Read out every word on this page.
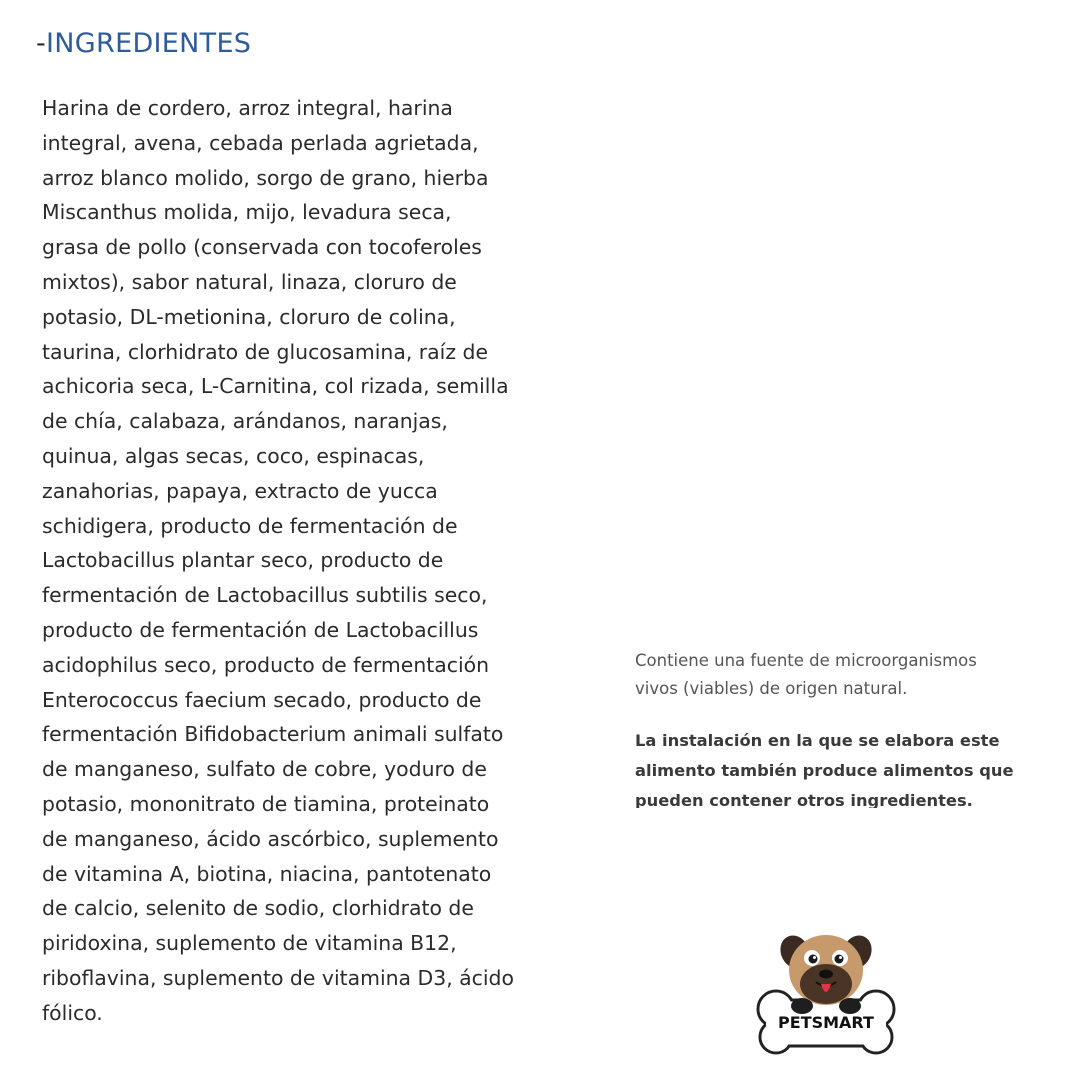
-INGREDIENTES

Harina de cordero, arroz integral, harina
integral, avena, cebada perlada agrietada,
arroz blanco molido, sorgo de grano, hierba
Miscanthus molida, mijo, levadura seca,
grasa de pollo (conservada con tocoferoles
mixtos), sabor natural, linaza, cloruro de
potasio, DL-metionina, cloruro de colina,
taurina, clorhidrato de glucosamina, raíz de
achicoria seca, L-Carnitina, col rizada, semilla
de chía, calabaza, arándanos, naranjas,
quinua, algas secas, coco, espinacas,
zanahorias, papaya, extracto de yucca
schidigera, producto de fermentación de
Lactobacillus plantar seco, producto de
fermentación de Lactobacillus subtilis seco,
producto de fermentación de Lactobacillus
acidophilus seco, producto de fermentación
Enterococcus faecium secado, producto de
fermentación Bifidobacterium animali sulfato
de manganeso, sulfato de cobre, yoduro de
potasio, mononitrato de tiamina, proteinato
de manganeso, ácido ascórbico, suplemento
de vitamina A, biotina, niacina, pantotenato
de calcio, selenito de sodio, clorhidrato de
piridoxina, suplemento de vitamina B12,
riboflavina, suplemento de vitamina D3, ácido
fólico.

Contiene una fuente de microorganismos
vivos (viables) de origen natural.

La instalación en la que se elabora este
alimento también produce alimentos que
pueden contener otros ingredientes.

PETSMART
